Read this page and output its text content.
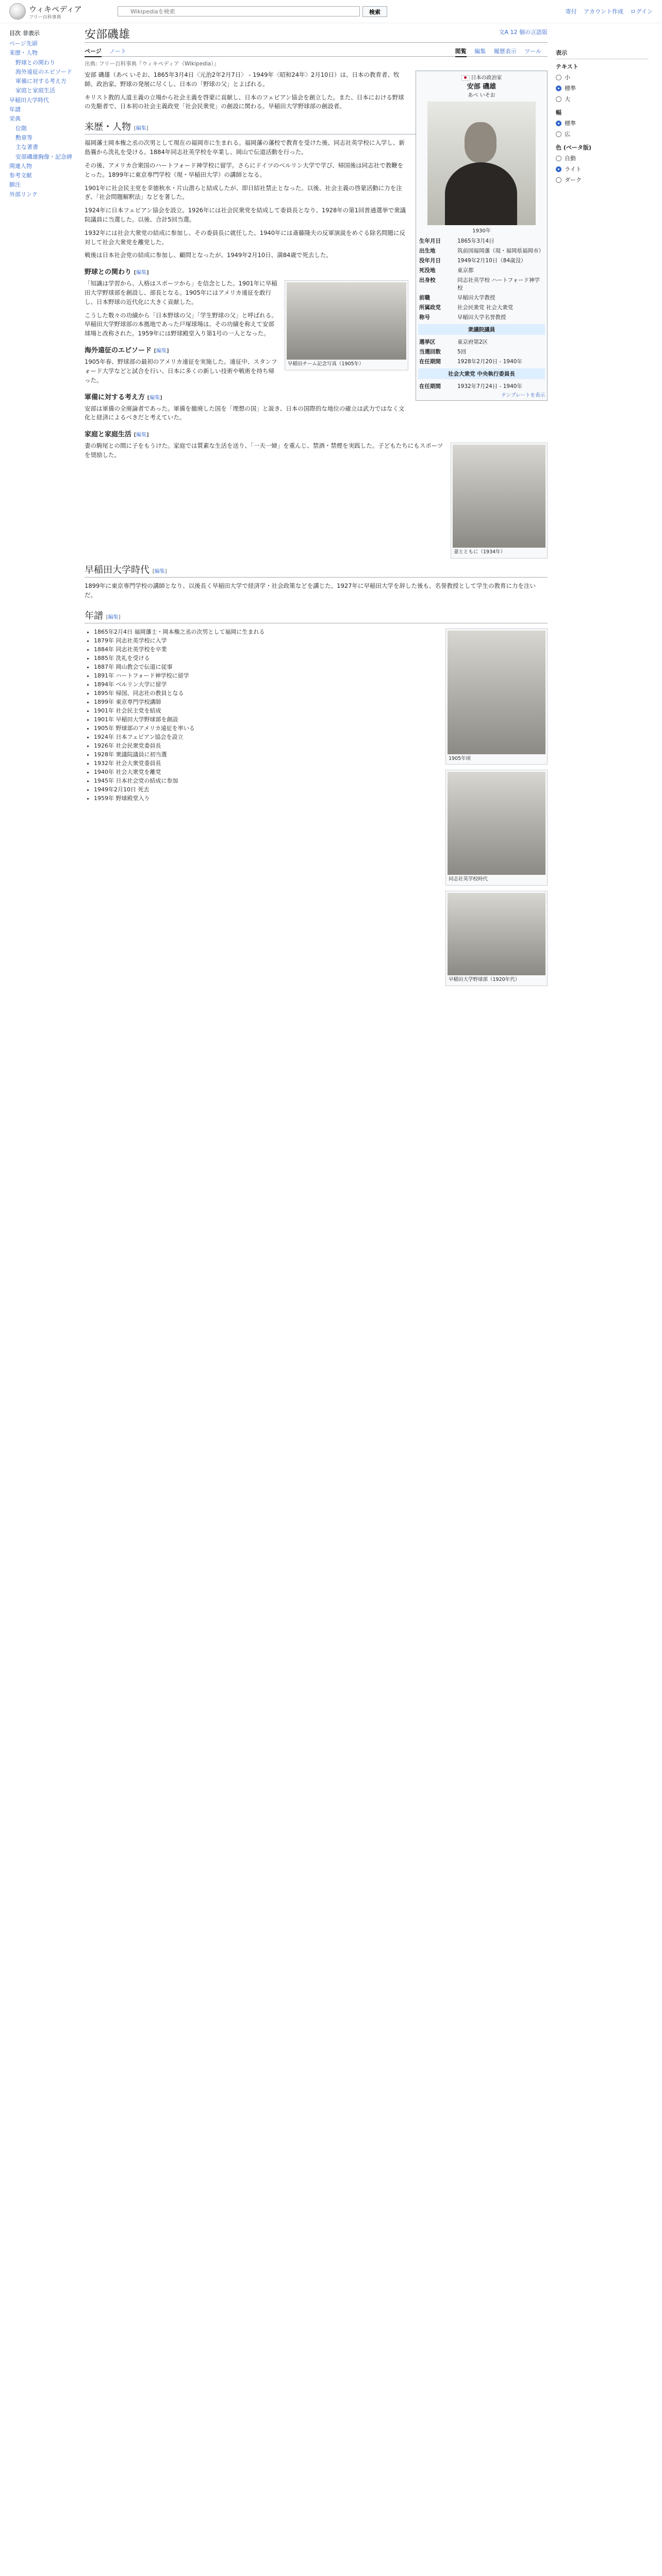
ウィキペディア
フリー百科事典
Wikipediaを検索
検索	寄付 アカウント作成 ログイン
目次 非表示
ページ先頭
来歴・人物
野球との関わり
海外遠征のエピソード
軍備に対する考え方
家庭と家庭生活
早稲田大学時代
年譜
栄典
位階
勲章等
主な著書
安部磯雄胸像・記念碑
関連人物
参考文献
脚注
外部リンク
表示
テキスト
小
標準
大
幅
標準
広
色 (ベータ版)
自動
ライト
ダーク
安部磯雄	文A 12 個の言語版
ページ ノート	閲覧 編集 履歴表示 ツール
出典: フリー百科事典『ウィキペディア（Wikipedia）』
日本の政治家
安部 磯雄
あべ いそお
1930年
生年月日	1865年3月4日
出生地	筑前国福岡藩（現・福岡県福岡市）
没年月日	1949年2月10日（84歳没）
死没地	東京都
出身校	同志社英学校 ハートフォード神学校
前職	早稲田大学教授
所属政党	社会民衆党 社会大衆党
称号	早稲田大学名誉教授
衆議院議員
選挙区	東京府第2区
当選回数	5回
在任期間	1928年2月20日 - 1940年
社会大衆党 中央執行委員長
在任期間	1932年7月24日 - 1940年
テンプレートを表示

安部 磯雄（あべ いそお、1865年3月4日〈元治2年2月7日〉 - 1949年〈昭和24年〉2月10日）は、日本の教育者、牧師、政治家。野球の発展に尽くし、日本の「野球の父」とよばれる。

キリスト教的人道主義の立場から社会主義を啓蒙に貢献し、日本のフェビアン協会を創立した。また、日本における野球の先駆者で、日本初の社会主義政党「社会民衆党」の創設に関わる。早稲田大学野球部の創設者。

来歴・人物 [編集]

福岡藩士岡本権之丞の次男として現在の福岡市に生まれる。福岡藩の藩校で教育を受けた後、同志社英学校に入学し、新島襄から洗礼を受ける。1884年同志社英学校を卒業し、岡山で伝道活動を行った。

その後、アメリカ合衆国のハートフォード神学校に留学。さらにドイツのベルリン大学で学び、帰国後は同志社で教鞭をとった。1899年に東京専門学校（現・早稲田大学）の講師となる。

1901年に社会民主党を幸徳秋水・片山潜らと結成したが、即日結社禁止となった。以後、社会主義の啓蒙活動に力を注ぎ、「社会問題解釈法」などを著した。

1924年に日本フェビアン協会を設立。1926年には社会民衆党を結成して委員長となり、1928年の第1回普通選挙で衆議院議員に当選した。以後、合計5回当選。

1932年には社会大衆党の結成に参加し、その委員長に就任した。1940年には斎藤隆夫の反軍演説をめぐる除名問題に反対して社会大衆党を離党した。

戦後は日本社会党の結成に参加し、顧問となったが、1949年2月10日、満84歳で死去した。

野球との関わり [編集]
早稲田チーム記念写真（1905年）

「知識は学習から、人格はスポーツから」を信念とした。1901年に早稲田大学野球部を創設し、部長となる。1905年にはアメリカ遠征を敢行し、日本野球の近代化に大きく貢献した。

こうした数々の功績から「日本野球の父」「学生野球の父」と呼ばれる。早稲田大学野球部の本拠地であった戸塚球場は、その功績を称えて安部球場と改称された。1959年には野球殿堂入り第1号の一人となった。

海外遠征のエピソード [編集]

1905年春、野球部の最初のアメリカ遠征を実施した。遠征中、スタンフォード大学などと試合を行い、日本に多くの新しい技術や戦術を持ち帰った。

軍備に対する考え方 [編集]

安部は軍備の全廃論者であった。軍備を撤廃した国を「理想の国」と説き、日本の国際的な地位の確立は武力ではなく文化と経済によるべきだと考えていた。

家庭と家庭生活 [編集]
妻とともに（1934年）

妻の駒尾との間に子をもうけた。家庭では質素な生活を送り、「一夫一婦」を重んじ、禁酒・禁煙を実践した。子どもたちにもスポーツを奨励した。

早稲田大学時代 [編集]

1899年に東京専門学校の講師となり、以後長く早稲田大学で経済学・社会政策などを講じた。1927年に早稲田大学を辞した後も、名誉教授として学生の教育に力を注いだ。

年譜 [編集]
1905年頃
同志社英学校時代
早稲田大学野球部（1920年代）
• 1865年2月4日 福岡藩士・岡本権之丞の次男として福岡に生まれる
• 1879年 同志社英学校に入学
• 1884年 同志社英学校を卒業
• 1885年 洗礼を受ける
• 1887年 岡山教会で伝道に従事
• 1891年 ハートフォード神学校に留学
• 1894年 ベルリン大学に留学
• 1895年 帰国、同志社の教員となる
• 1899年 東京専門学校講師
• 1901年 社会民主党を結成
• 1901年 早稲田大学野球部を創設
• 1905年 野球部のアメリカ遠征を率いる
• 1924年 日本フェビアン協会を設立
• 1926年 社会民衆党委員長
• 1928年 衆議院議員に初当選
• 1932年 社会大衆党委員長
• 1940年 社会大衆党を離党
• 1945年 日本社会党の結成に参加
• 1949年2月10日 死去
• 1959年 野球殿堂入り
